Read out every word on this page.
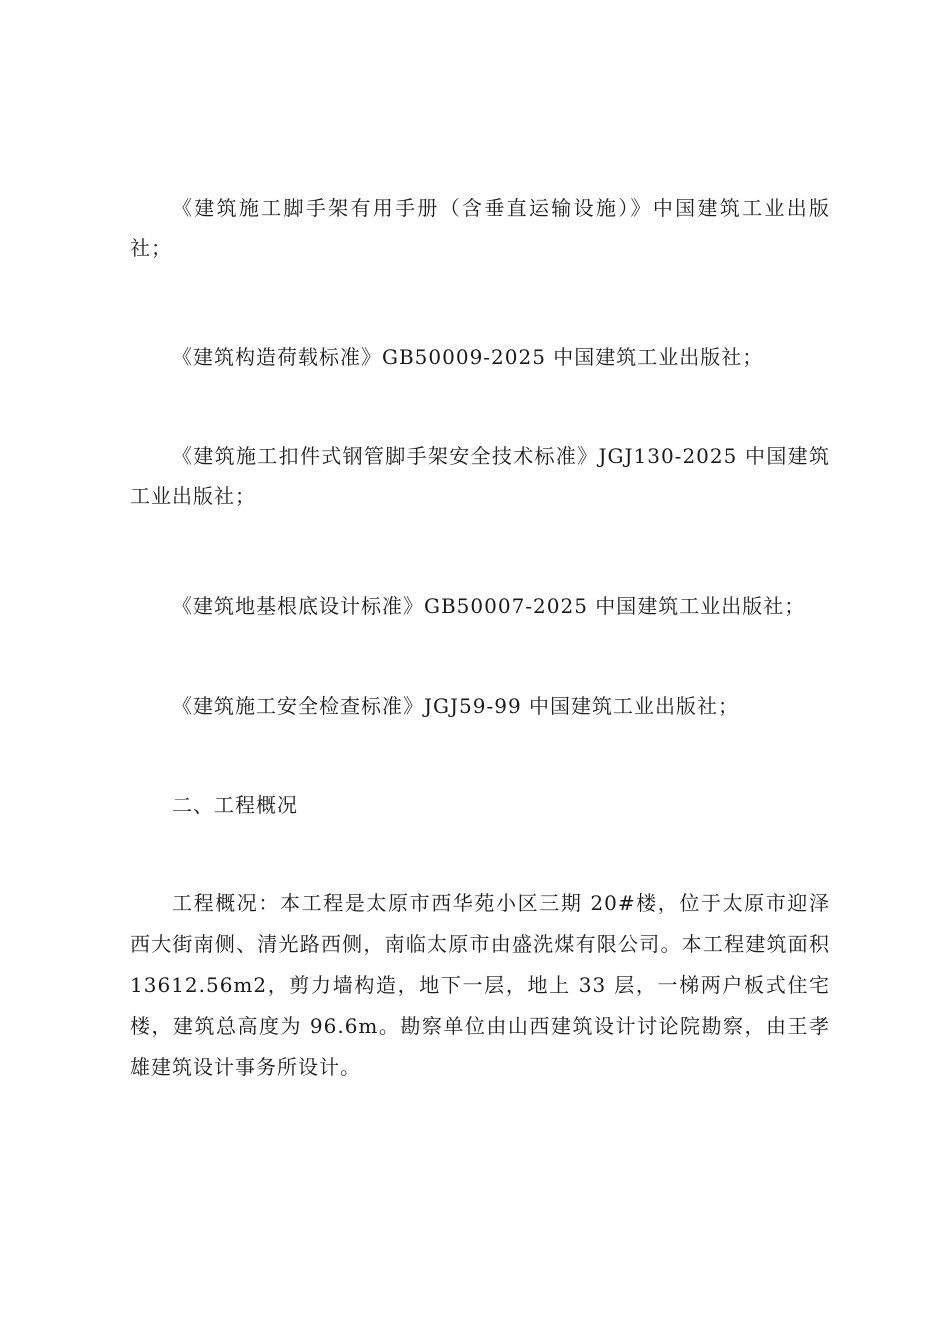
《建筑施工脚手架有用手册（含垂直运输设施）》中国建筑工业出版社；

《建筑构造荷载标准》GB50009-2025 中国建筑工业出版社；

《建筑施工扣件式钢管脚手架安全技术标准》JGJ130-2025 中国建筑工业出版社；

《建筑地基根底设计标准》GB50007-2025 中国建筑工业出版社；

《建筑施工安全检查标准》JGJ59-99 中国建筑工业出版社；

二、工程概况

工程概况：本工程是太原市西华苑小区三期 20#楼，位于太原市迎泽西大街南侧、清光路西侧，南临太原市由盛洗煤有限公司。本工程建筑面积 13612.56m2，剪力墙构造，地下一层，地上 33 层，一梯两户板式住宅楼，建筑总高度为 96.6m。勘察单位由山西建筑设计讨论院勘察，由王孝雄建筑设计事务所设计。
